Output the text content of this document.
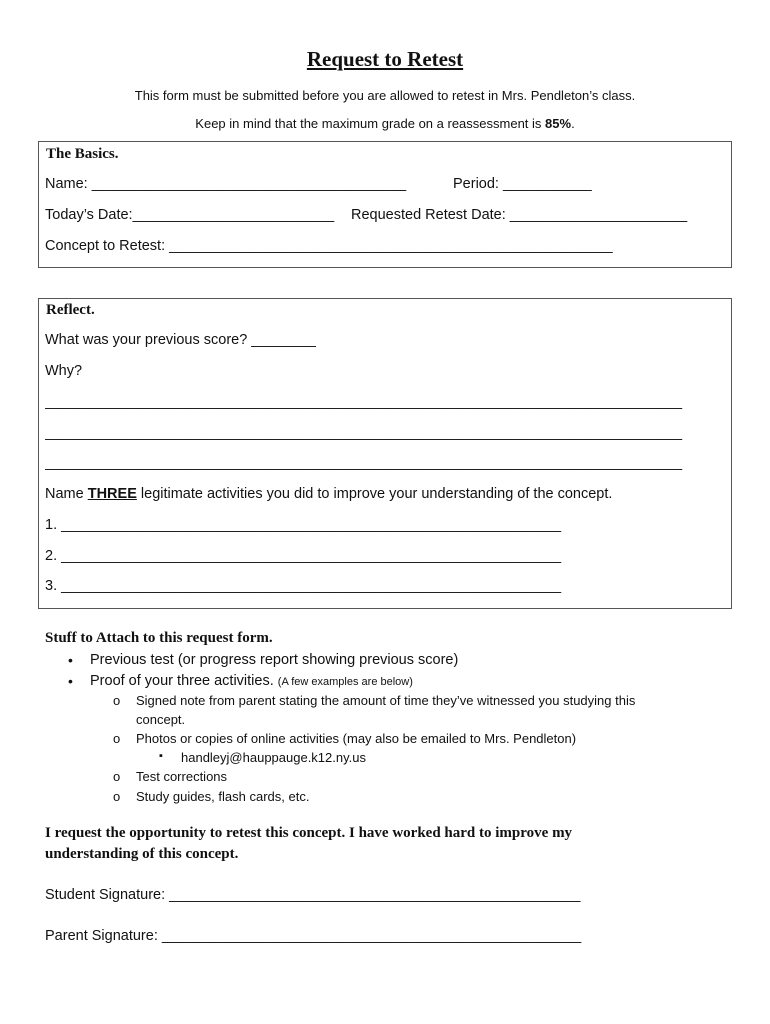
Request to Retest
This form must be submitted before you are allowed to retest in Mrs. Pendleton’s class.
Keep in mind that the maximum grade on a reassessment is 85%.
The Basics.
Name: _______________________________________	Period: ___________
Today’s Date:_________________________ Requested Retest Date: ______________________
Concept to Retest: _______________________________________________________
Reflect.
What was your previous score? ________
Why?
_______________________________________________________________________________
_______________________________________________________________________________
_______________________________________________________________________________
Name THREE legitimate activities you did to improve your understanding of the concept.
1. ______________________________________________________________
2. ______________________________________________________________
3. ______________________________________________________________
Stuff to Attach to this request form.
• Previous test (or progress report showing previous score)
• Proof of your three activities. (A few examples are below)
o Signed note from parent stating the amount of time they’ve witnessed you studying this
concept.
o Photos or copies of online activities (may also be emailed to Mrs. Pendleton)
▪ handleyj@hauppauge.k12.ny.us
o Test corrections
o Study guides, flash cards, etc.
I request the opportunity to retest this concept. I have worked hard to improve my
understanding of this concept.
Student Signature: ___________________________________________________
Parent Signature: ____________________________________________________
